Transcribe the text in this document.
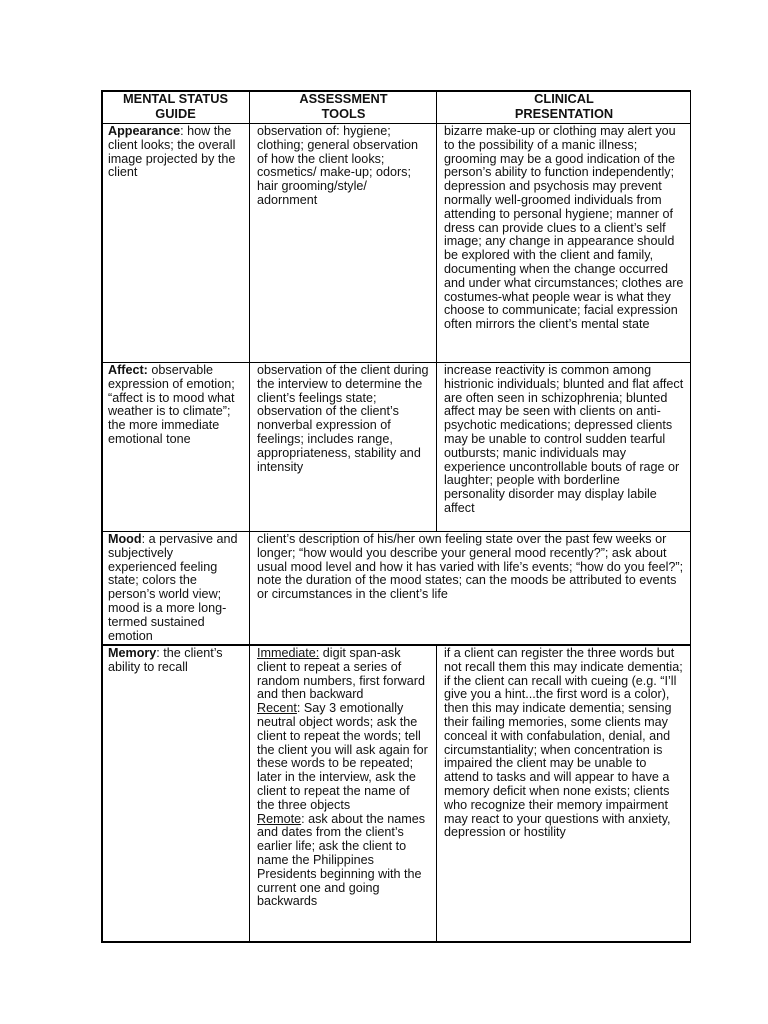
MENTAL STATUS
GUIDE
ASSESSMENT
TOOLS
CLINICAL
PRESENTATION
Appearance: how the client looks; the overall image projected by the client
observation of: hygiene; clothing; general observation of how the client looks; cosmetics/ make-up; odors; hair grooming/style/ adornment
bizarre make-up or clothing may alert you to the possibility of a manic illness; grooming may be a good indication of the person’s ability to function independently; depression and psychosis may prevent normally well-groomed individuals from attending to personal hygiene; manner of dress can provide clues to a client’s self image; any change in appearance should be explored with the client and family, documenting when the change occurred and under what circumstances; clothes are costumes-what people wear is what they choose to communicate; facial expression often mirrors the client’s mental state
Affect: observable expression of emotion; “affect is to mood what weather is to climate”; the more immediate emotional tone
observation of the client during the interview to determine the client’s feelings state; observation of the client’s nonverbal expression of feelings; includes range, appropriateness, stability and intensity
increase reactivity is common among histrionic individuals; blunted and flat affect are often seen in schizophrenia; blunted affect may be seen with clients on anti-psychotic medications; depressed clients may be unable to control sudden tearful outbursts; manic individuals may experience uncontrollable bouts of rage or laughter; people with borderline personality disorder may display labile affect
Mood: a pervasive and subjectively experienced feeling state; colors the person’s world view; mood is a more long-termed sustained emotion
client’s description of his/her own feeling state over the past few weeks or longer; “how would you describe your general mood recently?”; ask about usual mood level and how it has varied with life’s events; “how do you feel?”; note the duration of the mood states; can the moods be attributed to events or circumstances in the client’s life
Memory: the client’s ability to recall
Immediate: digit span-ask client to repeat a series of random numbers, first forward and then backward
Recent: Say 3 emotionally neutral object words; ask the client to repeat the words; tell the client you will ask again for these words to be repeated; later in the interview, ask the client to repeat the name of the three objects
Remote: ask about the names and dates from the client’s earlier life; ask the client to name the Philippines Presidents beginning with the current one and going backwards
if a client can register the three words but not recall them this may indicate dementia; if the client can recall with cueing (e.g. “I’ll give you a hint...the first word is a color), then this may indicate dementia; sensing their failing memories, some clients may conceal it with confabulation, denial, and circumstantiality; when concentration is impaired the client may be unable to attend to tasks and will appear to have a memory deficit when none exists; clients who recognize their memory impairment may react to your questions with anxiety, depression or hostility
